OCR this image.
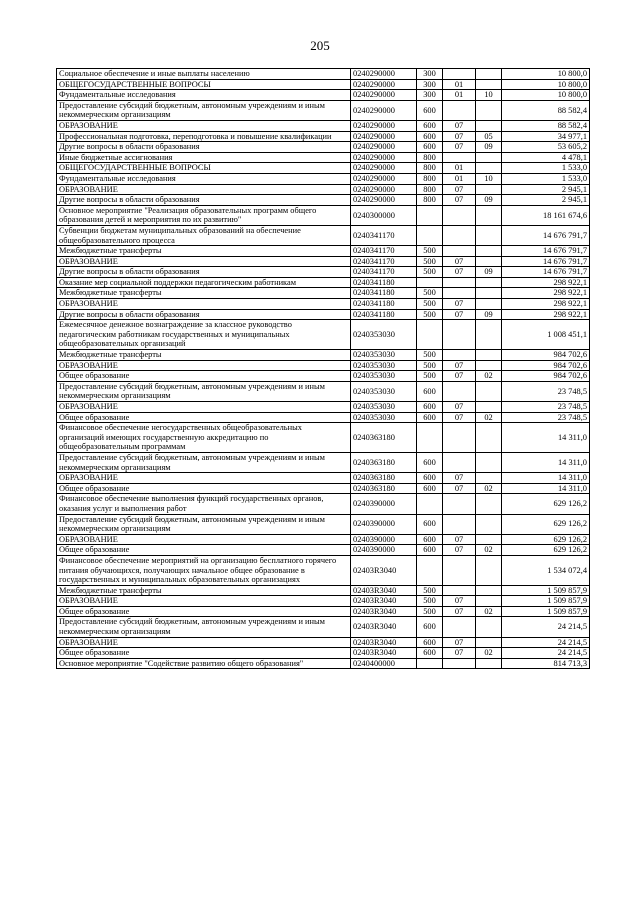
205
Социальное обеспечение и иные выплаты населению	0240290000	300			10 800,0
ОБЩЕГОСУДАРСТВЕННЫЕ ВОПРОСЫ	0240290000	300	01		10 800,0
Фундаментальные исследования	0240290000	300	01	10	10 800,0
Предоставление субсидий бюджетным, автономным учреждениям и иным некоммерческим организациям	0240290000	600			88 582,4
ОБРАЗОВАНИЕ	0240290000	600	07		88 582,4
Профессиональная подготовка, переподготовка и повышение квалификации	0240290000	600	07	05	34 977,1
Другие вопросы в области образования	0240290000	600	07	09	53 605,2
Иные бюджетные ассигнования	0240290000	800			4 478,1
ОБЩЕГОСУДАРСТВЕННЫЕ ВОПРОСЫ	0240290000	800	01		1 533,0
Фундаментальные исследования	0240290000	800	01	10	1 533,0
ОБРАЗОВАНИЕ	0240290000	800	07		2 945,1
Другие вопросы в области образования	0240290000	800	07	09	2 945,1
Основное мероприятие "Реализация образовательных программ общего образования детей и мероприятия по их развитию"	0240300000				18 161 674,6
Субвенции бюджетам муниципальных образований на обеспечение общеобразовательного процесса	0240341170				14 676 791,7
Межбюджетные трансферты	0240341170	500			14 676 791,7
ОБРАЗОВАНИЕ	0240341170	500	07		14 676 791,7
Другие вопросы в области образования	0240341170	500	07	09	14 676 791,7
Оказание мер социальной поддержки педагогическим работникам	0240341180				298 922,1
Межбюджетные трансферты	0240341180	500			298 922,1
ОБРАЗОВАНИЕ	0240341180	500	07		298 922,1
Другие вопросы в области образования	0240341180	500	07	09	298 922,1
Ежемесячное денежное вознаграждение за классное руководство педагогическим работникам государственных и муниципальных общеобразовательных организаций	0240353030				1 008 451,1
Межбюджетные трансферты	0240353030	500			984 702,6
ОБРАЗОВАНИЕ	0240353030	500	07		984 702,6
Общее образование	0240353030	500	07	02	984 702,6
Предоставление субсидий бюджетным, автономным учреждениям и иным некоммерческим организациям	0240353030	600			23 748,5
ОБРАЗОВАНИЕ	0240353030	600	07		23 748,5
Общее образование	0240353030	600	07	02	23 748,5
Финансовое обеспечение негосударственных общеобразовательных организаций имеющих государственную аккредитацию по общеобразовательным программам	0240363180				14 311,0
Предоставление субсидий бюджетным, автономным учреждениям и иным некоммерческим организациям	0240363180	600			14 311,0
ОБРАЗОВАНИЕ	0240363180	600	07		14 311,0
Общее образование	0240363180	600	07	02	14 311,0
Финансовое обеспечение выполнения функций государственных органов, оказания услуг и выполнения работ	0240390000				629 126,2
Предоставление субсидий бюджетным, автономным учреждениям и иным некоммерческим организациям	0240390000	600			629 126,2
ОБРАЗОВАНИЕ	0240390000	600	07		629 126,2
Общее образование	0240390000	600	07	02	629 126,2
Финансовое обеспечение мероприятий на организацию бесплатного горячего питания обучающихся, получающих начальное общее образование в государственных и муниципальных образовательных организациях	02403R3040				1 534 072,4
Межбюджетные трансферты	02403R3040	500			1 509 857,9
ОБРАЗОВАНИЕ	02403R3040	500	07		1 509 857,9
Общее образование	02403R3040	500	07	02	1 509 857,9
Предоставление субсидий бюджетным, автономным учреждениям и иным некоммерческим организациям	02403R3040	600			24 214,5
ОБРАЗОВАНИЕ	02403R3040	600	07		24 214,5
Общее образование	02403R3040	600	07	02	24 214,5
Основное мероприятие "Содействие развитию общего образования"	0240400000				814 713,3
